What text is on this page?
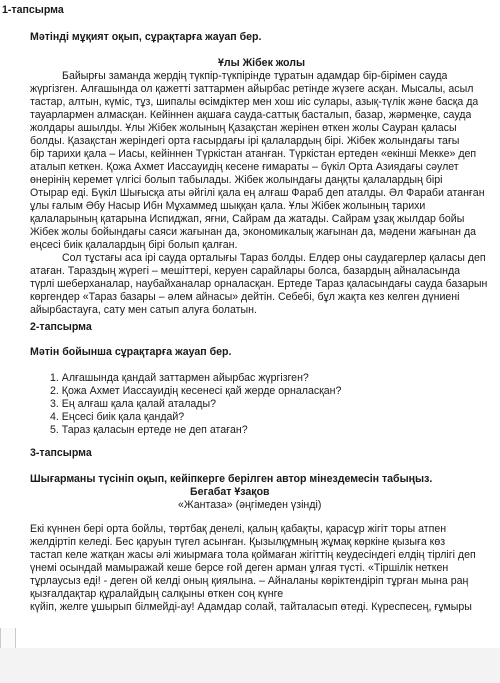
1-тапсырма
Мәтінді мұқият оқып, сұрақтарға жауап бер.
Ұлы Жібек жолы
Байырғы заманда жердің түкпір-түкпірінде тұратын адамдар бір-бірімен сауда
жүргізген. Алғашында ол қажетті заттармен айырбас ретінде жүзеге асқан. Мысалы, асыл
тастар, алтын, күміс, тұз, шипалы өсімдіктер мен хош иіс сулары, азық-түлік және басқа да
тауарлармен алмасқан. Кейіннен ақшаға сауда-саттық басталып, базар, жәрмеңке, сауда
жолдары ашылды. Ұлы Жібек жолының Қазақстан жерінен өткен жолы Сауран қаласы
болды. Қазақстан жеріндегі орта ғасырдағы ірі қалалардың бірі. Жібек жолындағы тағы
бір тарихи қала – Иасы, кейіннен Түркістан атанған. Түркістан ертеден «екінші Мекке» деп
аталып кеткен. Қожа Ахмет Иассауидің кесене ғимараты – бүкіл Орта Азиядағы сәулет
өнерінің керемет үлгісі болып табылады. Жібек жолындағы даңқты қалалардың бірі
Отырар еді. Бүкіл Шығысқа аты әйгілі қала ең алғаш Фараб деп аталды. Әл Фараби атанған
ұлы ғалым Әбу Насыр Ибн Мұхаммед шыққан қала. Ұлы Жібек жолының тарихи
қалаларының қатарына Испиджап, яғни, Сайрам да жатады. Сайрам ұзақ жылдар бойы
Жібек жолы бойындағы саяси жағынан да, экономикалық жағынан да, мәдени жағынан да
еңсесі биік қалалардың бірі болып қалған.
Сол тұстағы аса ірі сауда орталығы Тараз болды. Елдер оны саудагерлер қаласы деп
атаған. Тараздың жүрегі – мешіттері, керуен сарайлары болса, базардың айналасында
түрлі шеберханалар, наубайханалар орналасқан. Ертеде Тараз қаласындағы сауда базарын
көргендер «Тараз базары – әлем айнасы» дейтін. Себебі, бұл жақта кез келген дүниені
айырбастауға, сату мен сатып алуға болатын.
2-тапсырма
Мәтін бойынша сұрақтарға жауап бер.
1. Алғашында қандай заттармен айырбас жүргізген?
2. Қожа Ахмет Иассауидің кесенесі қай жерде орналасқан?
3. Ең алғаш қала қалай аталады?
4. Еңсесі биік қала қандай?
5. Тараз қаласын ертеде не деп атаған?
3-тапсырма
Шығарманы түсініп оқып, кейіпкерге берілген автор мінездемесін табыңыз.
Бегабат Ұзақов
«Жантаза» (әңгімеден үзінді)
Екі күннен бері орта бойлы, төртбақ денелі, қалың қабақты, қарасұр жігіт торы атпен
желдіртіп келеді. Бес қаруын түгел асынған. Қызылқұмның жұмақ көркіне қызыға көз
тастап келе жатқан жасы әлі жиырмаға тола қоймаған жігіттің кеудесіндегі елдің тірлігі деп
үнемі осындай мамыражай кеше берсе ғой деген арман ұлғая түсті. «Тіршілік неткен
тұрлаусыз еді! - деген ой келді оның қиялына. – Айналаны көріктендіріп тұрған мына раң
қызғалдақтар құралайдың салқыны өткен соң күнге
күйіп, желге ұшырып білмейді-ау! Адамдар солай, тайталасып өтеді. Күреспесең, ғұмыры
